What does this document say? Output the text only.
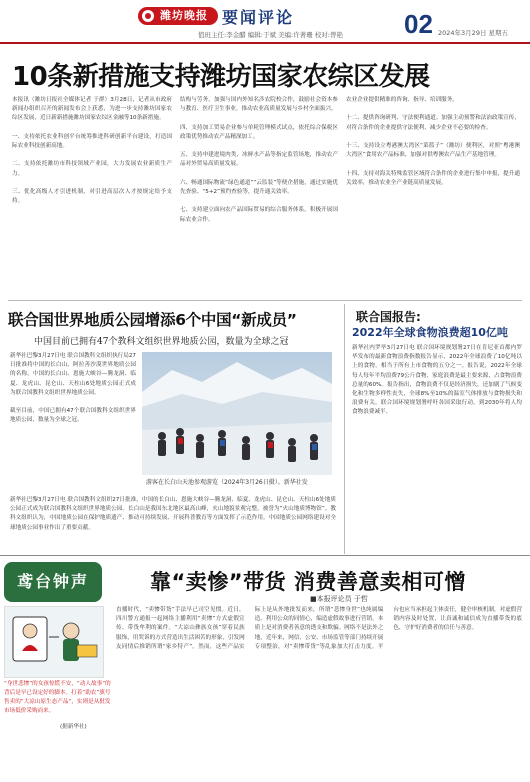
潍坊晚报 要闻评论	02
值班主任:李金醋 编辑:于斌 美编:许著珊 校对:曾艳	2024年3月29日 星期五
10条新措施支持潍坊国家农综区发展
本报讯（潍坊日报社全媒体记者 于群）3月28日，记者从市政府新闻办组织召开的新闻发布会上获悉，为进一步支持潍坊国家农综区发展，近日新新措施潍坊国家农综区金融等10条新措施。

一、支持依托农业科创平台统筹推进科研创新平台建设，打造国际农业科技创新高地。

二、支持依托潍坊市科技领域产业园，大力发展农业新质生产力。

三、优化高级人才引进机制，对引进高层次人才按规定给予支持。
结构与劳务，加强与国内外知名涉农院校合作，鼓励社会资本参与教育、医疗卫生事业，推动农业高质量发展与乡村全面振兴。

四、支持加工贸易企业参与单耗管理模式试点，依托综合保税区政策优势推动农产品精深加工。

五、支持申建进境肉类、冰鲜水产品等指定监管场地，推动农产品对外贸易高质量发展。

六、畅通国际物流“绿色通道”“云监装”等便企措施，通过实施优先查验、“5+2”预约查验等，提升通关效率。

七、支持建立面向农产品国际贸易的综合服务体系，积极开展国际农业合作。
农业企业提供精准的咨询、指导、培训服务。

十二、提供咨询研判、守法便利通道。加强主动预警和法治政策宣传，对符合条件的企业提供守法便利，减少企业不必要的检查。

十三、支持设立粤港澳大湾区“菜篮子”（潍坊）便利区，对照“粤港澳大湾区”食用农产品标准，加强对供粤澳农产品生产基地管理。

十四、支持对海关特殊监管区域符合条件的企业进行集中申报，提升通关效率，推动农业全产业链高质量发展。
联合国世界地质公园增添6个中国“新成员”
中国目前已拥有47个教科文组织世界地质公园，数量为全球之冠
新华社巴黎3月27日电 联合国教科文组织执行局27日批准将中国的长白山、阿拉善沙漠世界地质公园的名称。中国的长白山、恩施大峡谷—腾龙洞、临夏、龙虎山、昆仑山、天柱山6处地质公园正式成为联合国教科文组织世界地质公园。

截至目前，中国已拥有47个联合国教科文组织世界地质公园，数量为全球之冠。
游客在长白山天池参观游览（2024年3月26日摄）。新华社发
新华社巴黎3月27日电 联合国教科文组织27日批准，中国的长白山、恩施大峡谷—腾龙洞、临夏、龙虎山、昆仑山、天柱山6处地质公园正式成为联合国教科文组织世界地质公园。长白山是我国东北地区最高山峰，火山地貌景观完整，被誉为“火山地质博物馆”。教科文组织认为，中国地质公园在保护地质遗产、推动可持续发展、开展科普教育等方面发挥了示范作用。中国地质公园网络建设对全球地质公园事业作出了重要贡献。
联合国报告:
2022年全球食物浪费超10亿吨
新华社内罗毕3月27日电 联合国环境规划署27日在肯尼亚首都内罗毕发布的最新食物浪费指数报告显示，2022年全球浪费了10亿吨以上的食物，相当于所有上市食物的五分之一。报告说，2022年全球每人每年平均浪费79公斤食物，家庭浪费是最主要来源，占食物浪费总量的60%。报告指出，食物浪费不仅是经济损失，还加剧了气候变化和生物多样性丧失，全球8%至10%的温室气体排放与食物损失和浪费有关。联合国环境规划署呼吁各国采取行动，到2030年将人均食物浪费减半。
鸢台钟声	靠“卖惨”带货 消费善意卖相可憎
■本报评论员 于哲
“身世悲惨”的女孩惊慌不安，“动人故事”的背后是早已设定好的脚本。打着“助农”旗号售卖的“大凉山原生态产品”，实则是从批发市场低价采购而来。
(据新华社)
直播时代，“卖惨带货”手法早已司空见惯。近日，四川警方通报一起网络主播利用“卖惨”方式虚假宣传、带货牟利的案件。“大凉山彝族女孩”穿着民族服饰，用哭诉的方式营造出生活困苦的形象，引发网友同情后推销所谓“家乡特产”。然而，这些产品实际上是从外地批发而来，所谓“悲惨身世”也纯属编造。利用公众的同情心，编造虚假故事进行营销，本质上是对消费者善意的透支和欺骗。网络不是法外之地，近年来，网信、公安、市场监管等部门持续开展专项整治，对“卖惨带货”等乱象加大打击力度。平台也应当承担起主体责任，健全审核机制，对虚假营销内容及时处置，让真诚和诚信成为直播带货的底色，守护好消费者的信任与善意。
